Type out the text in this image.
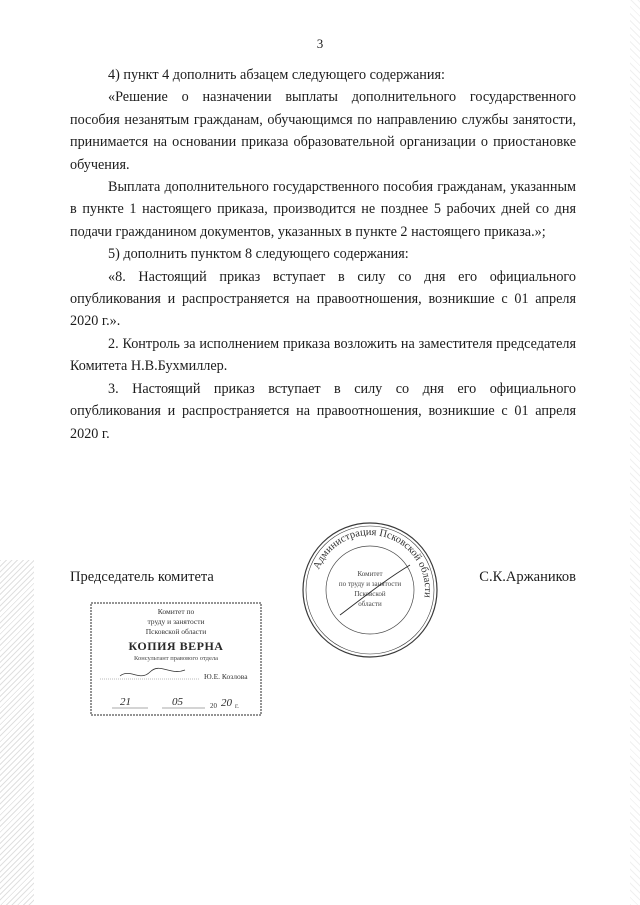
3

4) пункт 4 дополнить абзацем следующего содержания:

«Решение о назначении выплаты дополнительного государственного пособия незанятым гражданам, обучающимся по направлению службы занятости, принимается на основании приказа образовательной организации о приостановке обучения.

Выплата дополнительного государственного пособия гражданам, указанным в пункте 1 настоящего приказа, производится не позднее 5 рабочих дней со дня подачи гражданином документов, указанных в пункте 2 настоящего приказа.»;

5) дополнить пунктом 8 следующего содержания:

«8. Настоящий приказ вступает в силу со дня его официального опубликования и распространяется на правоотношения, возникшие с 01 апреля 2020 г.».

2. Контроль за исполнением приказа возложить на заместителя председателя Комитета Н.В.Бухмиллер.

3. Настоящий приказ вступает в силу со дня его официального опубликования и распространяется на правоотношения, возникшие с 01 апреля 2020 г.

Администрация Псковской области
Комитет
по труду и занятости
Псковской
области
Председатель комитета	С.К.Аржаников
Комитет по
труду и занятости
Псковской области
КОПИЯ ВЕРНА
Консультант правового отдела
Ю.Е. Козлова
21	05	20 20 г.
